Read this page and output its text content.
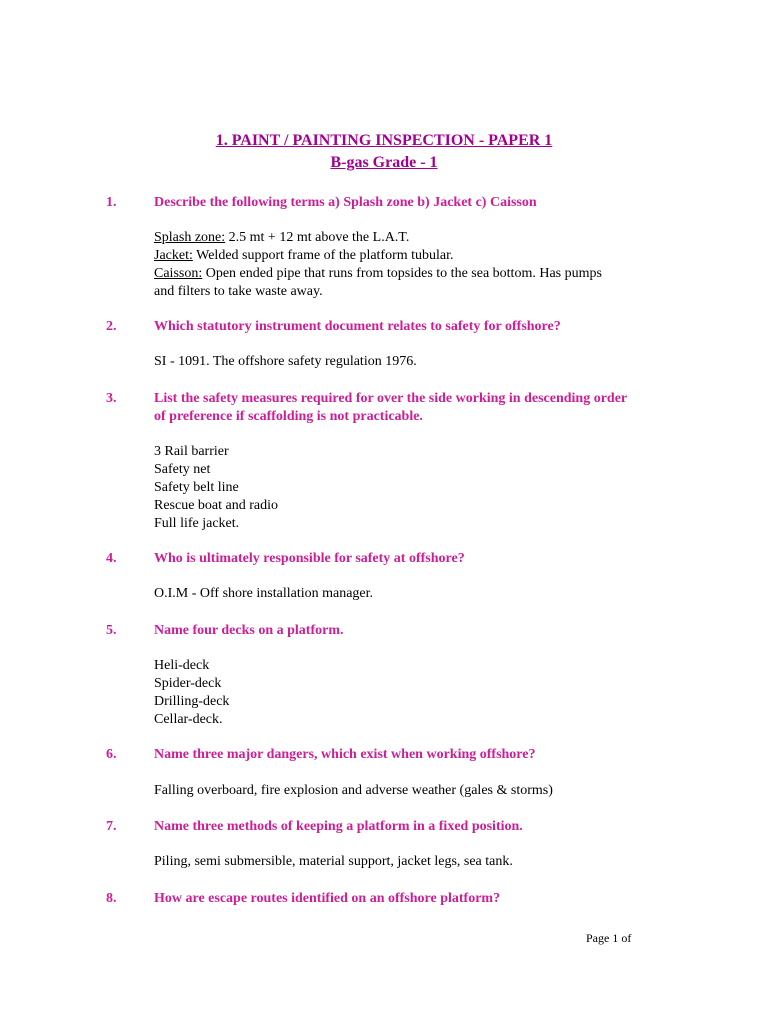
1. PAINT / PAINTING INSPECTION - PAPER 1
B-gas Grade - 1
1.	Describe the following terms a) Splash zone b) Jacket c) Caisson
Splash zone: 2.5 mt + 12 mt above the L.A.T.
Jacket: Welded support frame of the platform tubular.
Caisson: Open ended pipe that runs from topsides to the sea bottom. Has pumps
and filters to take waste away.
2.	Which statutory instrument document relates to safety for offshore?
SI - 1091. The offshore safety regulation 1976.
3.	List the safety measures required for over the side working in descending order of preference if scaffolding is not practicable.
3 Rail barrier
Safety net
Safety belt line
Rescue boat and radio
Full life jacket.
4.	Who is ultimately responsible for safety at offshore?
O.I.M - Off shore installation manager.
5.	Name four decks on a platform.
Heli-deck
Spider-deck
Drilling-deck
Cellar-deck.
6.	Name three major dangers, which exist when working offshore?
Falling overboard, fire explosion and adverse weather (gales & storms)
7.	Name three methods of keeping a platform in a fixed position.
Piling, semi submersible, material support, jacket legs, sea tank.
8.	How are escape routes identified on an offshore platform?
Page 1 of
